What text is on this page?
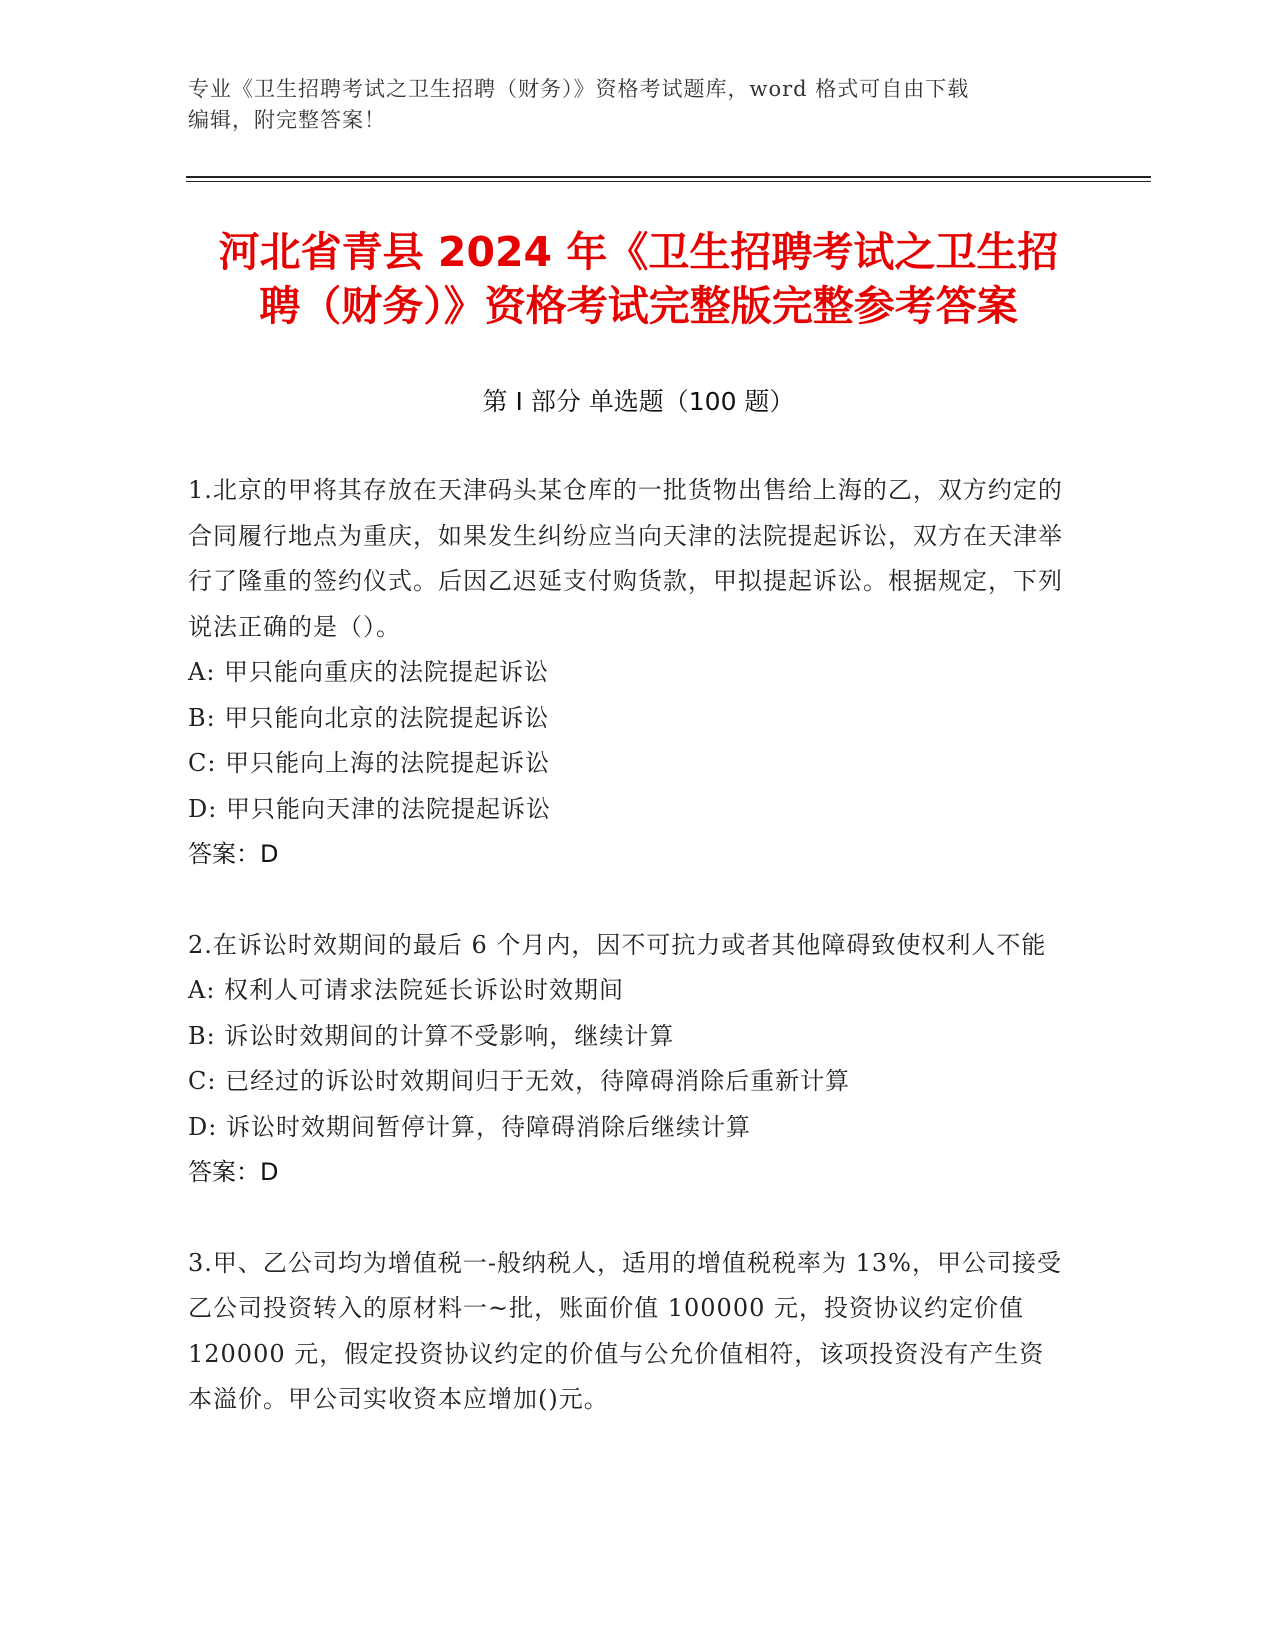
专业《卫生招聘考试之卫生招聘（财务）》资格考试题库，word 格式可自由下载
编辑，附完整答案！
河北省青县 2024 年《卫生招聘考试之卫生招
聘（财务）》资格考试完整版完整参考答案
第 I 部分 单选题（100 题）

1.北京的甲将其存放在天津码头某仓库的一批货物出售给上海的乙，双方约定的合同履行地点为重庆，如果发生纠纷应当向天津的法院提起诉讼，双方在天津举行了隆重的签约仪式。后因乙迟延支付购货款，甲拟提起诉讼。根据规定，下列说法正确的是（）。

A: 甲只能向重庆的法院提起诉讼

B: 甲只能向北京的法院提起诉讼

C: 甲只能向上海的法院提起诉讼

D: 甲只能向天津的法院提起诉讼

答案：D

2.在诉讼时效期间的最后 6 个月内，因不可抗力或者其他障碍致使权利人不能

A: 权利人可请求法院延长诉讼时效期间

B: 诉讼时效期间的计算不受影响，继续计算

C: 已经过的诉讼时效期间归于无效，待障碍消除后重新计算

D: 诉讼时效期间暂停计算，待障碍消除后继续计算

答案：D

3.甲、乙公司均为增值税一-般纳税人，适用的增值税税率为 13%，甲公司接受乙公司投资转入的原材料一~批，账面价值 100000 元，投资协议约定价值 120000 元，假定投资协议约定的价值与公允价值相符，该项投资没有产生资本溢价。甲公司实收资本应增加()元。
